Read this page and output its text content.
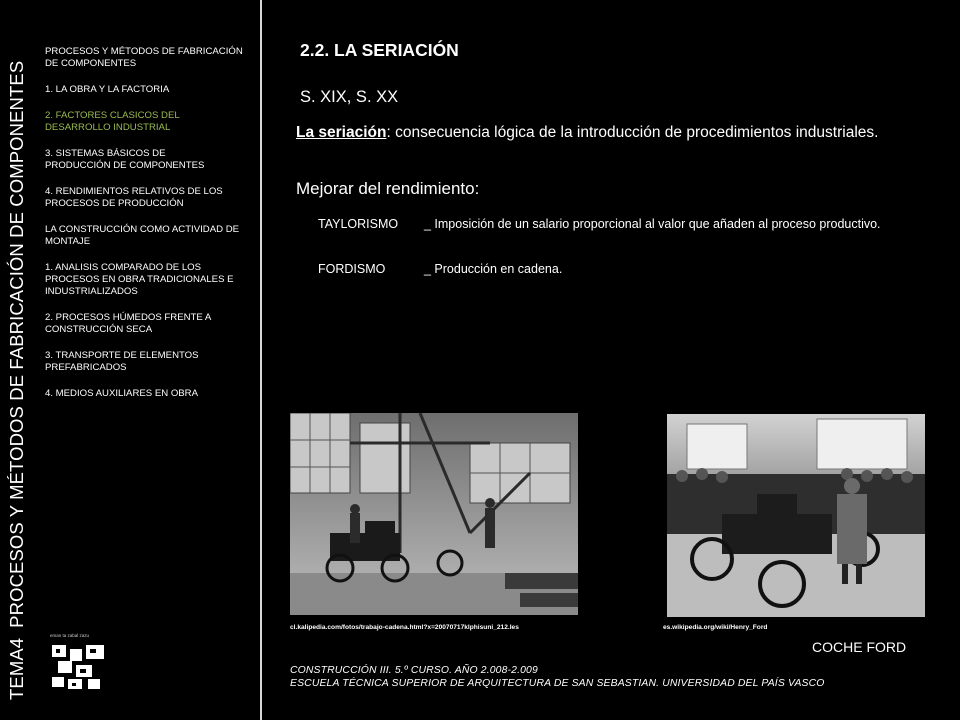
TEMA4PROCESOS Y MÉTODOS DE FABRICACIÓN DE COMPONENTES
eman ta zabal zazu
PROCESOS Y MÉTODOS DE FABRICACIÓN
DE COMPONENTES
1. LA OBRA Y LA FACTORIA
2. FACTORES CLASICOS DEL DESARROLLO INDUSTRIAL
3. SISTEMAS BÁSICOS DE PRODUCCIÓN DE COMPONENTES
4. RENDIMIENTOS RELATIVOS DE LOS PROCESOS DE PRODUCCIÓN
LA CONSTRUCCIÓN COMO ACTIVIDAD DE MONTAJE
1. ANALISIS COMPARADO DE LOS PROCESOS EN OBRA TRADICIONALES E INDUSTRIALIZADOS
2. PROCESOS HÚMEDOS FRENTE A CONSTRUCCIÓN SECA
3. TRANSPORTE DE ELEMENTOS PREFABRICADOS
4. MEDIOS AUXILIARES EN OBRA
2.2. LA SERIACIÓN
S. XIX, S. XX
La seriación: consecuencia lógica de la introducción de procedimientos industriales.
Mejorar del rendimiento:
TAYLORISMO _ Imposición de un salario proporcional al valor que añaden al proceso productivo.
FORDISMO	_ Producción en cadena.
cl.kalipedia.com/fotos/trabajo-cadena.html?x=20070717klphisuni_212.Ies	es.wikipedia.org/wiki/Henry_Ford
COCHE FORD
CONSTRUCCIÓN III. 5.º CURSO. AÑO 2.008-2.009
ESCUELA TÉCNICA SUPERIOR DE ARQUITECTURA DE SAN SEBASTIAN. UNIVERSIDAD DEL PAÍS VASCO
